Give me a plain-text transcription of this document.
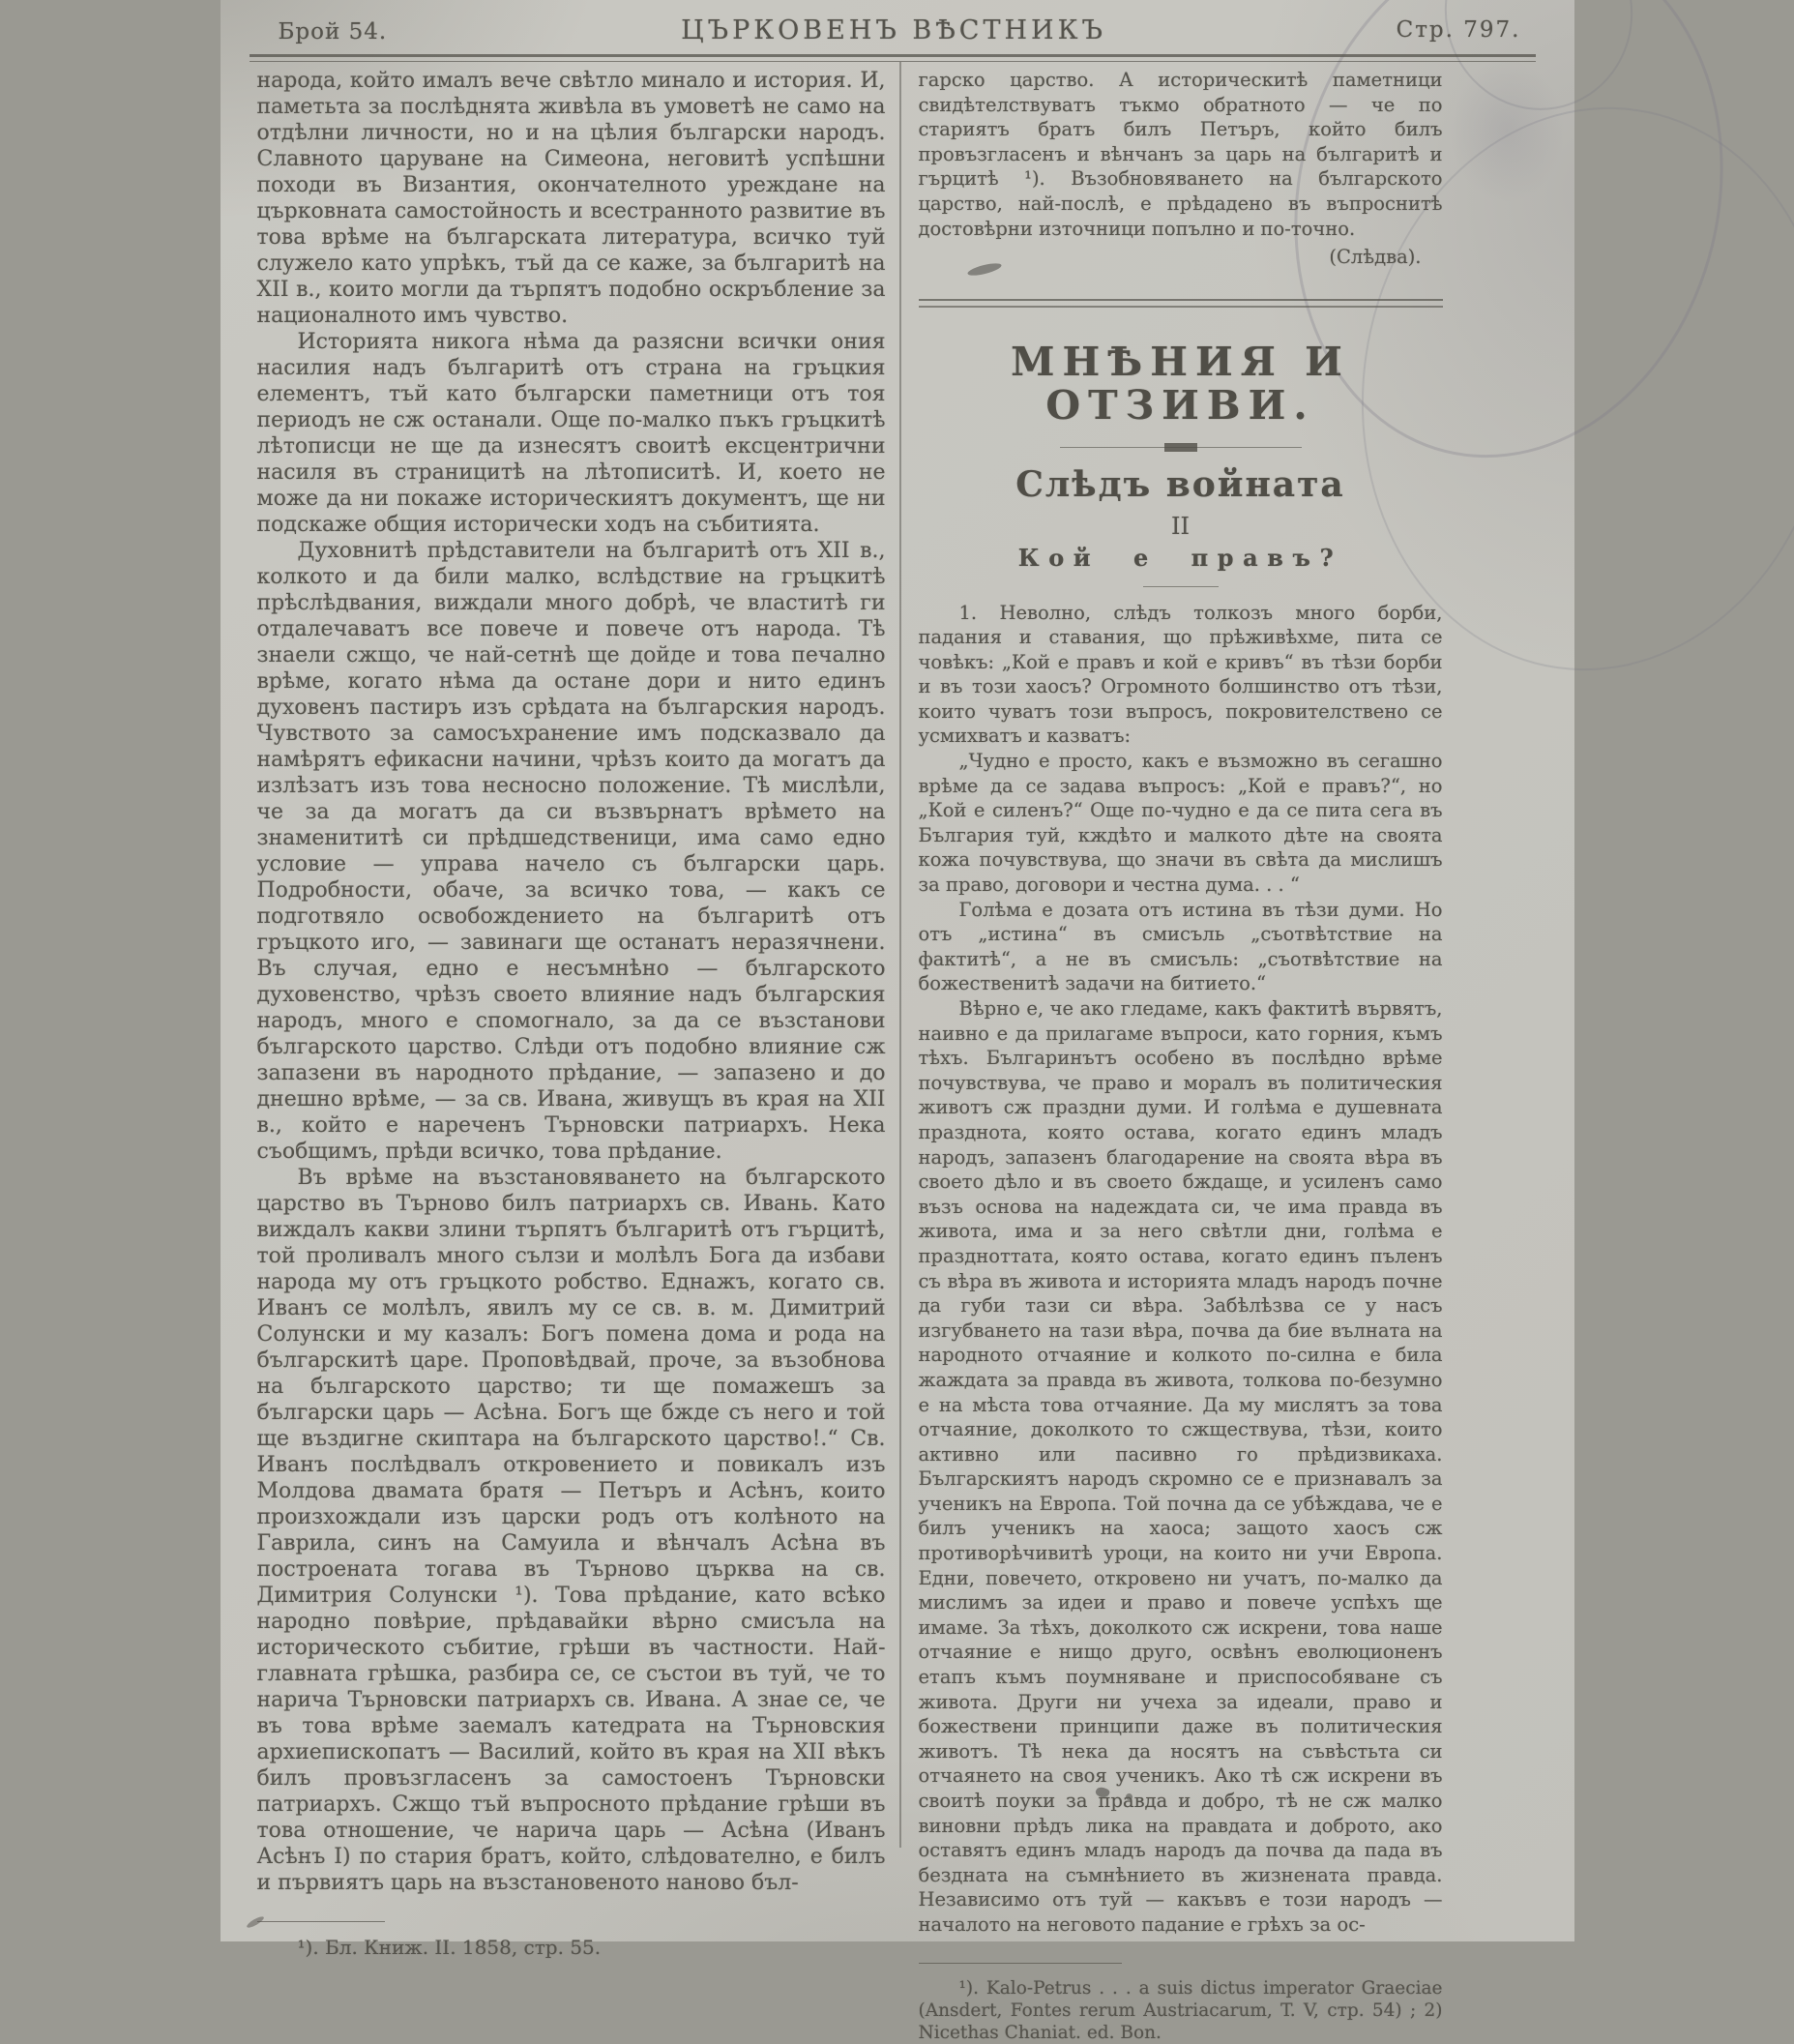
Брой 54.	ЦЪРКОВЕНЪ ВѢСТНИКЪ	Стр. 797.

народа, който ималъ вече свѣтло минало и история. И, паметьта за послѣднята живѣла въ умоветѣ не само на отдѣлни личности, но и на цѣлия български народъ. Славното царуване на Симеона, неговитѣ успѣшни походи въ Византия, окончателното уреждане на църковната самостойность и всестранното развитие въ това врѣме на българската литература, всичко туй служело като упрѣкъ, тъй да се каже, за българитѣ на XII в., които могли да търпятъ подобно оскръбление за националното имъ чувство.

Историята никога нѣма да разясни всички ония насилия надъ българитѣ отъ страна на гръцкия елементъ, тъй като български паметници отъ тоя периодъ не сж останали. Още по-малко пъкъ гръцкитѣ лѣтописци не ще да изнесятъ своитѣ ексцентрични насиля въ страницитѣ на лѣтописитѣ. И, което не може да ни покаже историческиятъ документъ, ще ни подскаже общия исторически ходъ на събитията.

Духовнитѣ прѣдставители на българитѣ отъ XII в., колкото и да били малко, вслѣдствие на гръцкитѣ прѣслѣдвания, виждали много добрѣ, че властитѣ ги отдалечаватъ все повече и повече отъ народа. Тѣ знаели сжщо, че най-сетнѣ ще дойде и това печално врѣме, когато нѣма да остане дори и нито единъ духовенъ пастиръ изъ срѣдата на българския народъ. Чувството за самосъхранение имъ подсказвало да намѣрятъ ефикасни начини, чрѣзъ които да могатъ да излѣзатъ изъ това несносно положение. Тѣ мислѣли, че за да могатъ да си възвърнатъ врѣмето на знаменититѣ си прѣдшедственици, има само едно условие — управа начело съ български царь. Подробности, обаче, за всичко това, — какъ се подготвяло освобождението на българитѣ отъ гръцкото иго, — завинаги ще останатъ неразячнени. Въ случая, едно е несъмнѣно — българското духовенство, чрѣзъ своето влияние надъ българския народъ, много е спомогнало, за да се възстанови българското царство. Слѣди отъ подобно влияние сж запазени въ народното прѣдание, — запазено и до днешно врѣме, — за св. Ивана, живущъ въ края на XII в., който е нареченъ Търновски патриархъ. Нека съобщимъ, прѣди всичко, това прѣдание.

Въ врѣме на възстановяването на българското царство въ Търново билъ патриархъ св. Ивань. Като виждалъ какви злини търпятъ българитѣ отъ гърцитѣ, той проливалъ много сълзи и молѣлъ Бога да избави народа му отъ гръцкото робство. Еднажъ, когато св. Иванъ се молѣлъ, явилъ му се св. в. м. Димитрий Солунски и му казалъ: Богъ помена дома и рода на българскитѣ царе. Проповѣдвай, проче, за възобнова на българското царство; ти ще помажешъ за български царь — Асѣна. Богъ ще бжде съ него и той ще въздигне скиптара на българското царство!.“ Св. Иванъ послѣдвалъ откровението и повикалъ изъ Молдова двамата братя — Петъръ и Асѣнъ, които произхождали изъ царски родъ отъ колѣното на Гаврила, синъ на Самуила и вѣнчалъ Асѣна въ построената тогава въ Търново църква на св. Димитрия Солунски ¹). Това прѣдание, като всѣко народно повѣрие, прѣдавайки вѣрно смисъла на историческото събитие, грѣши въ частности. Най-главната грѣшка, разбира се, се състои въ туй, че то нарича Търновски патриархъ св. Ивана. А знае се, че въ това врѣме заемалъ катедрата на Търновския архиепископатъ — Василий, който въ края на XII вѣкъ билъ провъзгласенъ за самостоенъ Търновски патриархъ. Сжщо тъй въпросното прѣдание грѣши въ това отношение, че нарича царь — Асѣна (Иванъ Асѣнъ I) по стария братъ, който, слѣдователно, е билъ и първиятъ царь на възстановеното наново бъл-

¹). Бл. Книж. II. 1858, стр. 55.

гарско царство. А историческитѣ паметници свидѣтелствуватъ тъкмо обратното — че по стариятъ братъ билъ Петъръ, който билъ провъзгласенъ и вѣнчанъ за царь на българитѣ и гърцитѣ ¹). Възобновяването на българското царство, най-послѣ, е прѣдадено въ въпроснитѣ достовѣрни източници попълно и по-точно.

(Слѣдва).

МНѢНИЯ И ОТЗИВИ.
Слѣдъ войната

II

Кой е правъ?

1. Неволно, слѣдъ толкозъ много борби, падания и ставания, що прѣживѣхме, пита се човѣкъ: „Кой е правъ и кой е кривъ“ въ тѣзи борби и въ този хаосъ? Огромното болшинство отъ тѣзи, които чуватъ този въпросъ, покровителствено се усмихватъ и казватъ:

„Чудно е просто, какъ е възможно въ сегашно врѣме да се задава въпросъ: „Кой е правъ?“, но „Кой е силенъ?“ Още по-чудно е да се пита сега въ България туй, кждѣто и малкото дѣте на своята кожа почувствува, що значи въ свѣта да мислишъ за право, договори и честна дума. . . “

Голѣма е дозата отъ истина въ тѣзи думи. Но отъ „истина“ въ смисъль „съотвѣтствие на фактитѣ“, а не въ смисъль: „съотвѣтствие на божественитѣ задачи на битието.“

Вѣрно е, че ако гледаме, какъ фактитѣ вървятъ, наивно е да прилагаме въпроси, като горния, къмъ тѣхъ. Българинътъ особено въ послѣдно врѣме почувствува, че право и моралъ въ политическия животъ сж праздни думи. И голѣма е душевната празднота, която остава, когато единъ младъ народъ, запазенъ благодарение на своята вѣра въ своето дѣло и въ своето бждаще, и усиленъ само възъ основа на надеждата си, че има правда въ живота, има и за него свѣтли дни, голѣма е праздноттата, която остава, когато единъ пъленъ съ вѣра въ живота и историята младъ народъ почне да губи тази си вѣра. Забѣлѣзва се у насъ изгубването на тази вѣра, почва да бие вълната на народното отчаяние и колкото по-силна е била жаждата за правда въ живота, толкова по-безумно е на мѣста това отчаяние. Да му мислятъ за това отчаяние, доколкото то сжществува, тѣзи, които активно или пасивно го прѣдизвикаха. Българскиятъ народъ скромно се е признавалъ за ученикъ на Европа. Той почна да се убѣждава, че е билъ ученикъ на хаоса; защото хаосъ сж противорѣчивитѣ уроци, на които ни учи Европа. Едни, повечето, откровено ни учатъ, по-малко да мислимъ за идеи и право и повече успѣхъ ще имаме. За тѣхъ, доколкото сж искрени, това наше отчаяние е нищо друго, освѣнъ еволюционенъ етапъ къмъ поумняване и приспособяване съ живота. Други ни учеха за идеали, право и божествени принципи даже въ политическия животъ. Тѣ нека да носятъ на съвѣстьта си отчаянето на своя ученикъ. Ако тѣ сж искрени въ своитѣ поуки за правда и добро, тѣ не сж малко виновни прѣдъ лика на правдата и доброто, ако оставятъ единъ младъ народъ да почва да пада въ бездната на съмнѣнието въ жизнената правда. Независимо отъ туй — какъвъ е този народъ — началото на неговото падание е грѣхъ за ос-

¹). Kalo-Petrus . . . a suis dictus imperator Graeciae (Ansdert, Fontes rerum Austriacarum, T. V, стр. 54) ; 2) Nicethas Chaniat. ed. Bon.
